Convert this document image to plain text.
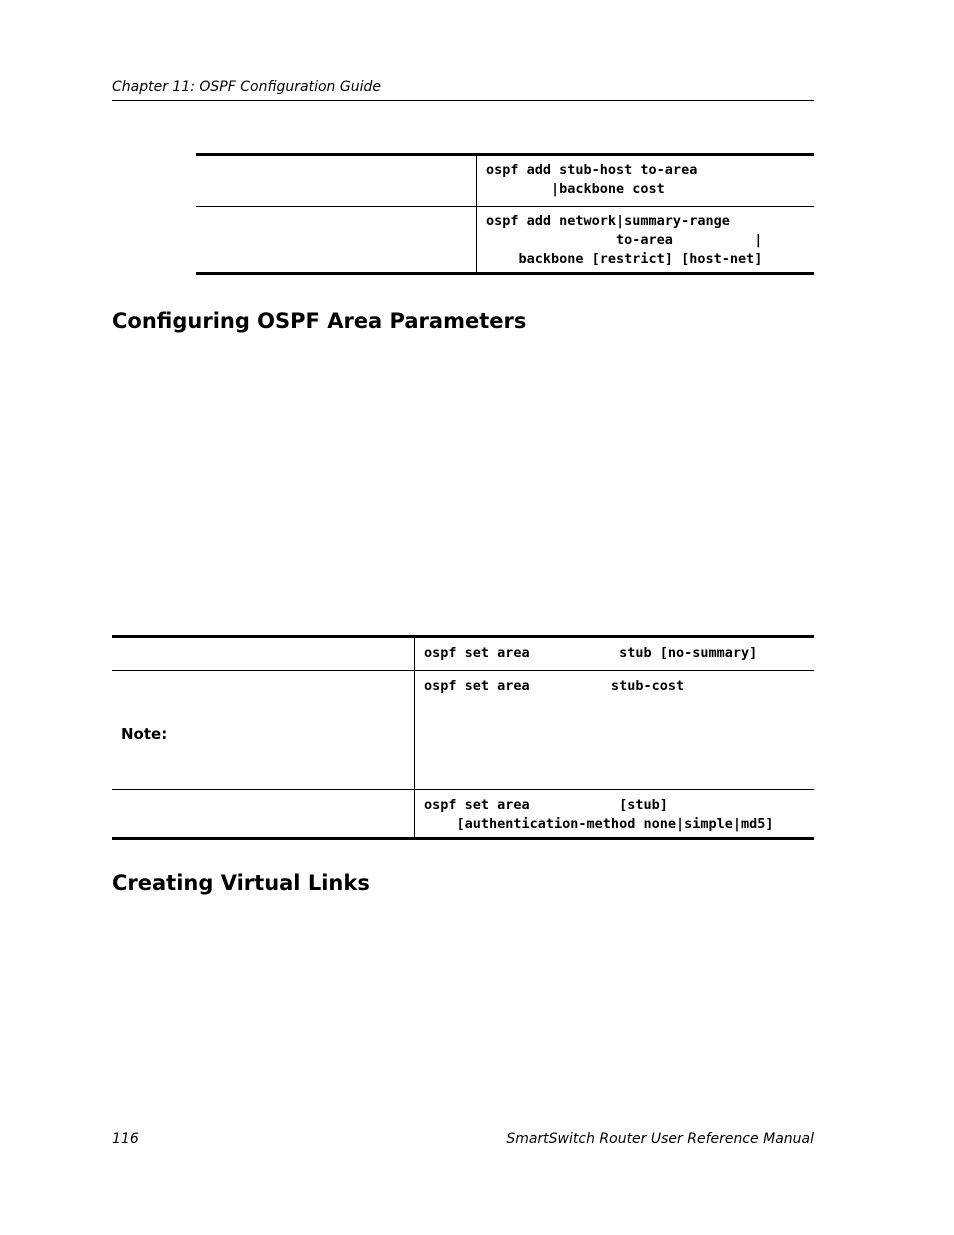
Chapter 11: OSPF Configuration Guide
ospf add stub-host to-area
|backbone cost
ospf add network|summary-range
to-area          |
backbone [restrict] [host-net]
Configuring OSPF Area Parameters
ospf set area           stub [no-summary]
Note:
ospf set area          stub-cost
ospf set area           [stub]
[authentication-method none|simple|md5]
Creating Virtual Links
116	SmartSwitch Router User Reference Manual
